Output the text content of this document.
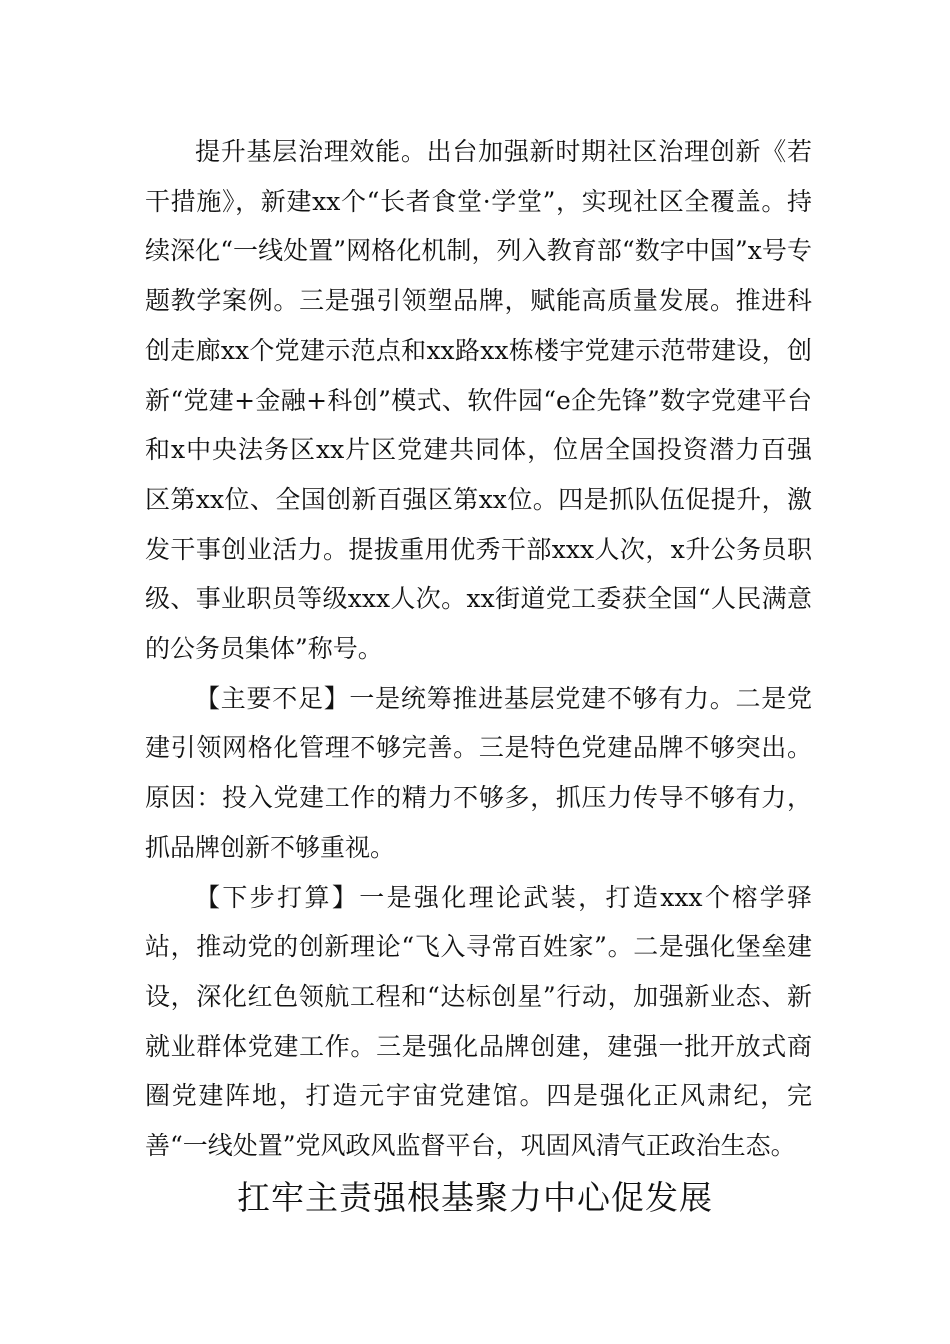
提升基层治理效能。出台加强新时期社区治理创新《若干措施》，新建xx个“长者食堂·学堂”，实现社区全覆盖。持续深化“一线处置”网格化机制，列入教育部“数字中国”x号专题教学案例。三是强引领塑品牌，赋能高质量发展。推进科创走廊xx个党建示范点和xx路xx栋楼宇党建示范带建设，创新“党建+金融+科创”模式、软件园“e企先锋”数字党建平台和x中央法务区xx片区党建共同体，位居全国投资潜力百强区第xx位、全国创新百强区第xx位。四是抓队伍促提升，激发干事创业活力。提拔重用优秀干部xxx人次，x升公务员职级、事业职员等级xxx人次。xx街道党工委获全国“人民满意的公务员集体”称号。

【主要不足】一是统筹推进基层党建不够有力。二是党建引领网格化管理不够完善。三是特色党建品牌不够突出。原因：投入党建工作的精力不够多，抓压力传导不够有力，抓品牌创新不够重视。

【下步打算】一是强化理论武装，打造xxx个榕学驿站，推动党的创新理论“飞入寻常百姓家”。二是强化堡垒建设，深化红色领航工程和“达标创星”行动，加强新业态、新就业群体党建工作。三是强化品牌创建，建强一批开放式商圈党建阵地，打造元宇宙党建馆。四是强化正风肃纪，完善“一线处置”党风政风监督平台，巩固风清气正政治生态。

扛牢主责强根基聚力中心促发展
